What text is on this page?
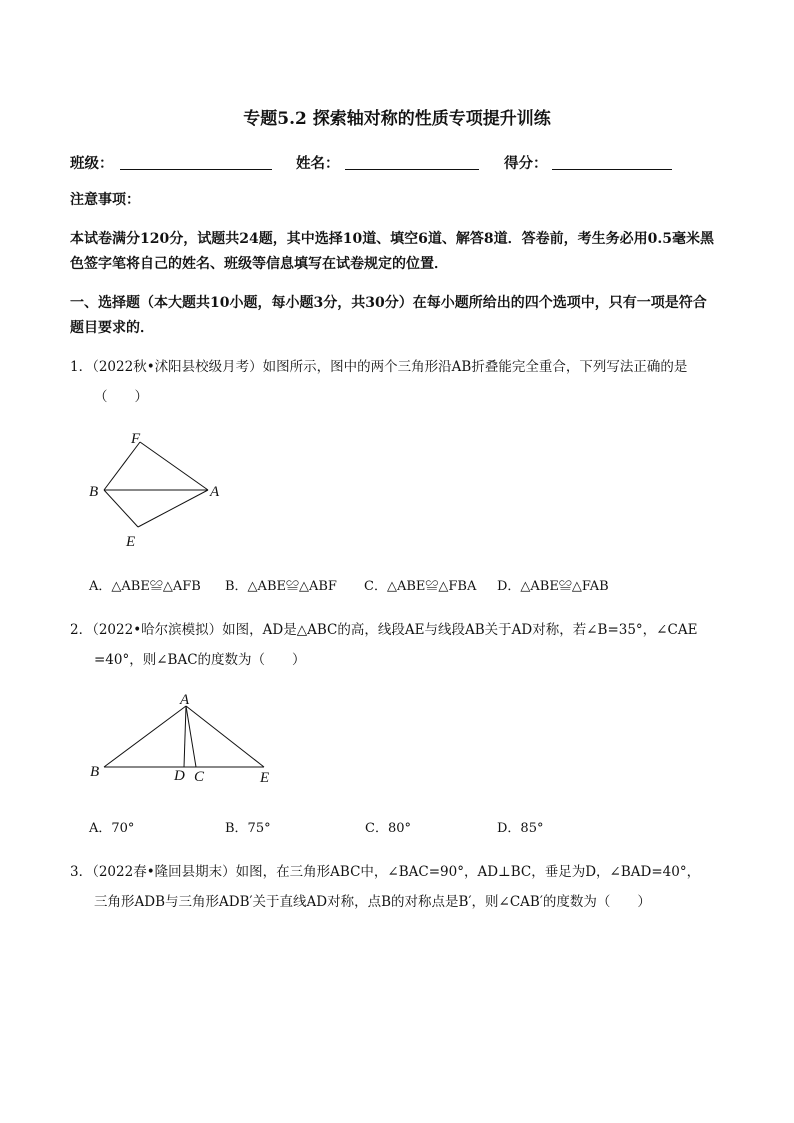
专题5.2 探索轴对称的性质专项提升训练
班级：	姓名：	得分：
注意事项：
本试卷满分120分，试题共24题，其中选择10道、填空6道、解答8道．答卷前，考生务必用0.5毫米黑
色签字笔将自己的姓名、班级等信息填写在试卷规定的位置．
一、选择题（本大题共10小题，每小题3分，共30分）在每小题所给出的四个选项中，只有一项是符合
题目要求的．
1．（2022秋•沭阳县校级月考）如图所示，图中的两个三角形沿AB折叠能完全重合，下列写法正确的是
（　　）
F
B	A
E
A．△ABE≌△AFB B．△ABE≌△ABF C．△ABE≌△FBA D．△ABE≌△FAB
2．（2022•哈尔滨模拟）如图，AD是△ABC的高，线段AE与线段AB关于AD对称，若∠B=35°，∠CAE
=40°，则∠BAC的度数为（　　）
A
B	D C	E
A．70°	B．75°	C．80°	D．85°
3．（2022春•隆回县期末）如图，在三角形ABC中，∠BAC=90°，AD⊥BC，垂足为D，∠BAD=40°，
三角形ADB与三角形ADB′关于直线AD对称，点B的对称点是B′，则∠CAB′的度数为（　　）
